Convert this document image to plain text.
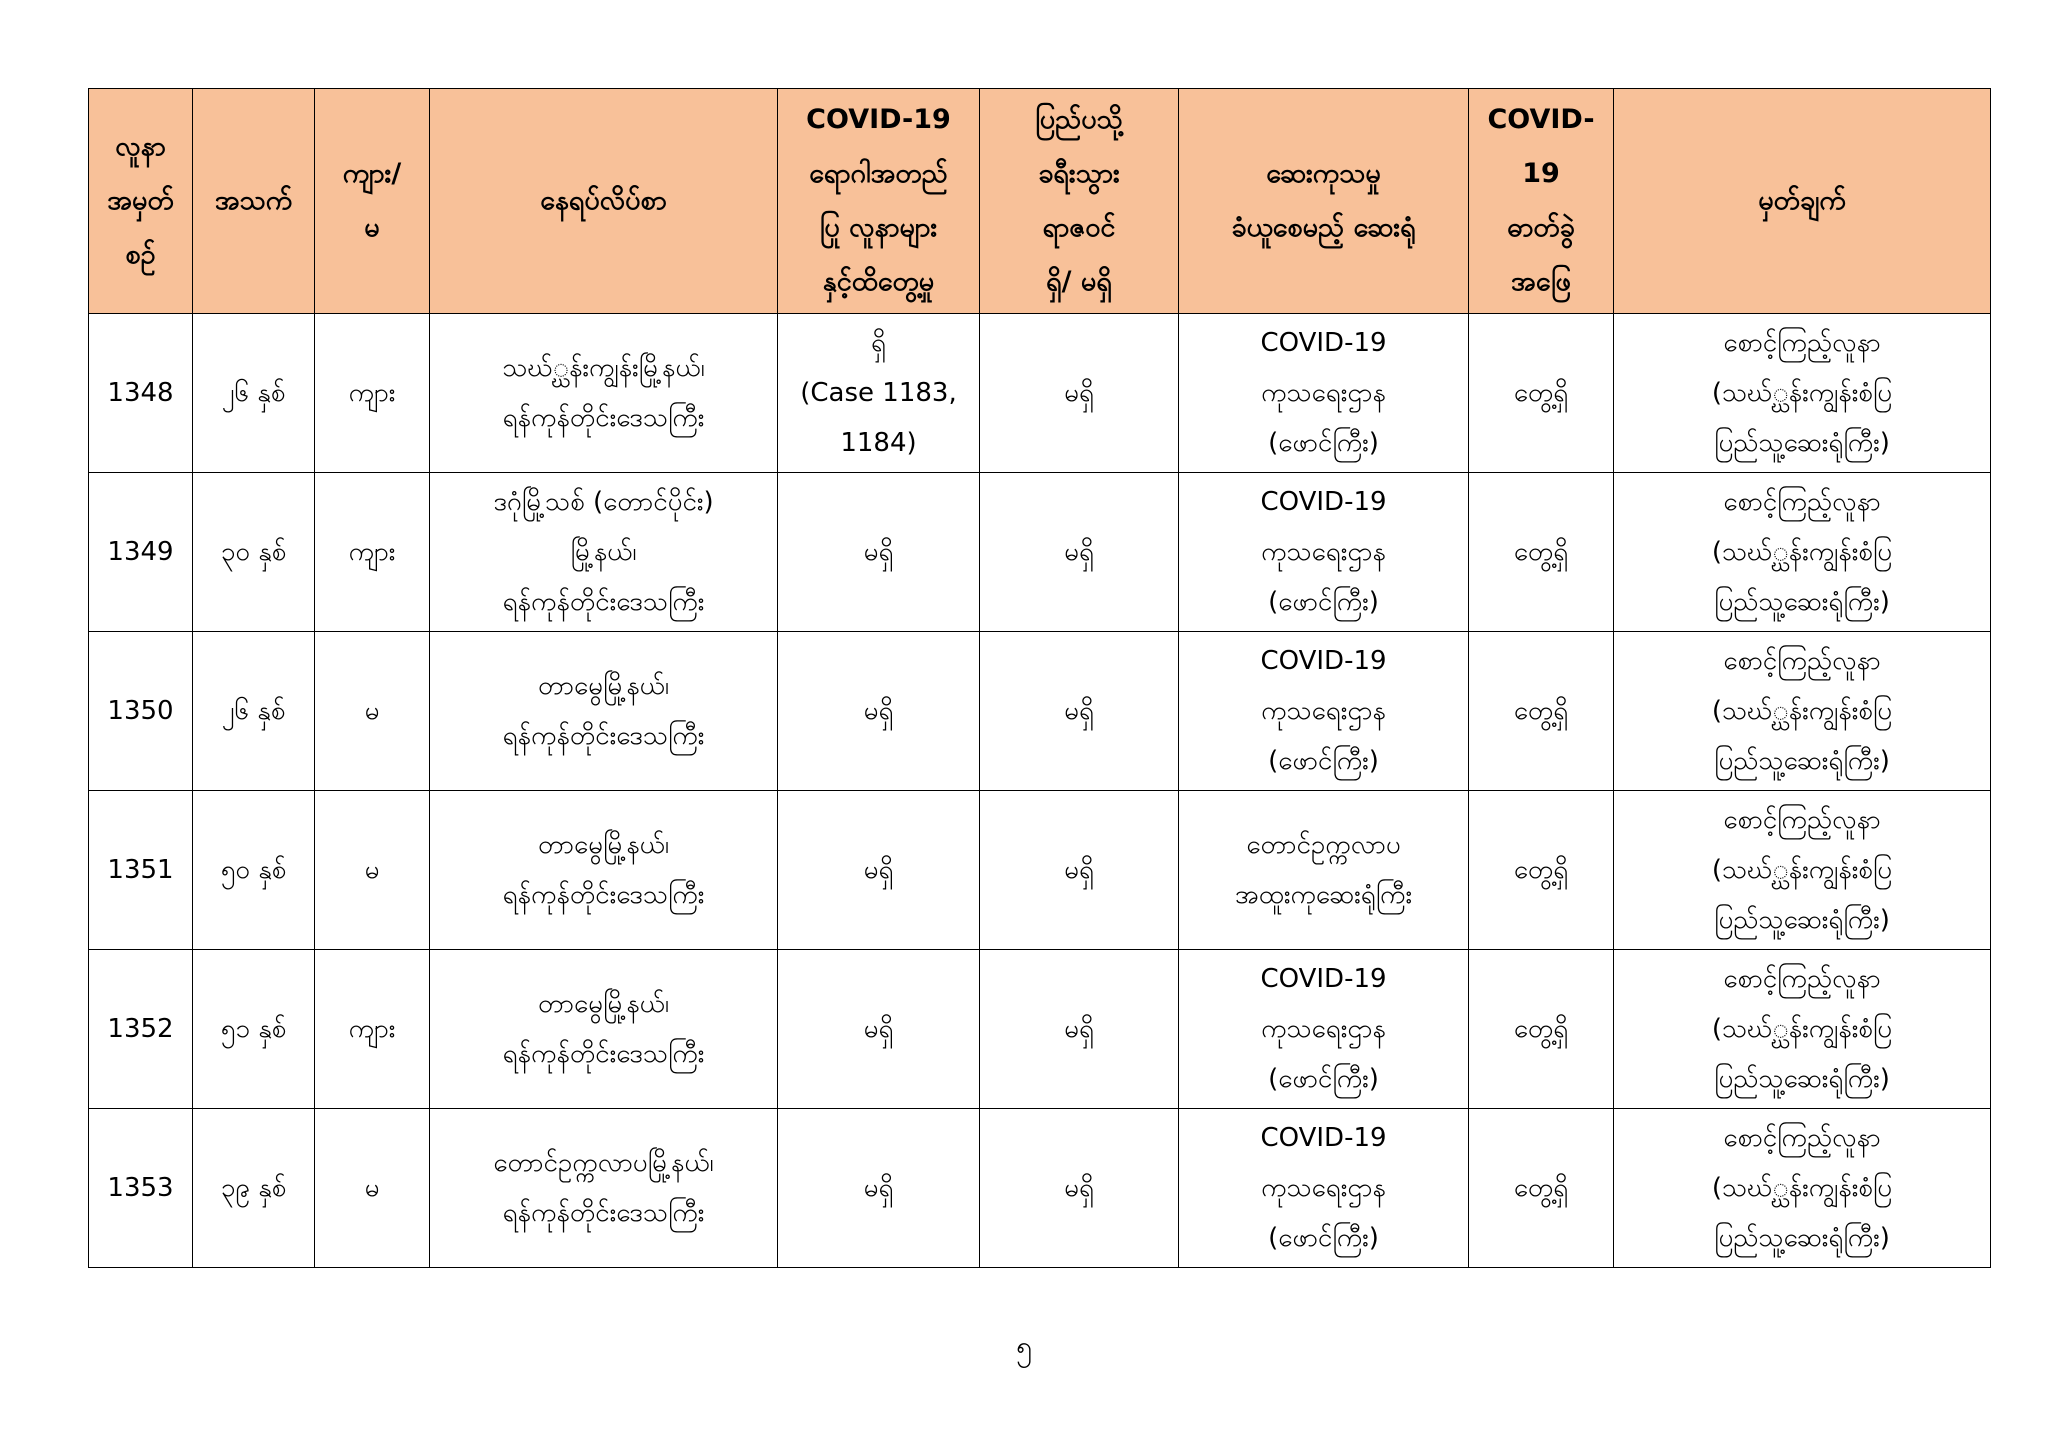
လူနာ
အမှတ်
စဉ်	အသက်	ကျား/
မ	နေရပ်လိပ်စာ	COVID-19
ရောဂါအတည်
ပြု လူနာများ
နှင့်ထိတွေ့မှု	ပြည်ပသို့
ခရီးသွား
ရာဇဝင်
ရှိ/ မရှိ	ဆေးကုသမှု
ခံယူစေမည့် ဆေးရုံ	COVID-
19
ဓာတ်ခွဲ
အဖြေ	မှတ်ချက်

1348	၂၆ နှစ်	ကျား	သဃ်္ဃန်းကျွန်းမြို့နယ်၊
ရန်ကုန်တိုင်းဒေသကြီး	ရှိ
(Case 1183,
1184)	မရှိ	COVID-19
ကုသရေးဌာန
(ဖောင်ကြီး)	တွေ့ရှိ	စောင့်ကြည့်လူနာ
(သဃ်္ဃန်းကျွန်းစံပြ
ပြည်သူ့ဆေးရုံကြီး)

1349	၃၀ နှစ်	ကျား	ဒဂုံမြို့သစ် (တောင်ပိုင်း)
မြို့နယ်၊
ရန်ကုန်တိုင်းဒေသကြီး	မရှိ	မရှိ	COVID-19
ကုသရေးဌာန
(ဖောင်ကြီး)	တွေ့ရှိ	စောင့်ကြည့်လူနာ
(သဃ်္ဃန်းကျွန်းစံပြ
ပြည်သူ့ဆေးရုံကြီး)

1350	၂၆ နှစ်	မ	တာမွေမြို့နယ်၊
ရန်ကုန်တိုင်းဒေသကြီး	မရှိ	မရှိ	COVID-19
ကုသရေးဌာန
(ဖောင်ကြီး)	တွေ့ရှိ	စောင့်ကြည့်လူနာ
(သဃ်္ဃန်းကျွန်းစံပြ
ပြည်သူ့ဆေးရုံကြီး)

1351	၅၀ နှစ်	မ	တာမွေမြို့နယ်၊
ရန်ကုန်တိုင်းဒေသကြီး	မရှိ	မရှိ	တောင်ဥက္ကလာပ
အထူးကုဆေးရုံကြီး	တွေ့ရှိ	စောင့်ကြည့်လူနာ
(သဃ်္ဃန်းကျွန်းစံပြ
ပြည်သူ့ဆေးရုံကြီး)

1352	၅၁ နှစ်	ကျား	တာမွေမြို့နယ်၊
ရန်ကုန်တိုင်းဒေသကြီး	မရှိ	မရှိ	COVID-19
ကုသရေးဌာန
(ဖောင်ကြီး)	တွေ့ရှိ	စောင့်ကြည့်လူနာ
(သဃ်္ဃန်းကျွန်းစံပြ
ပြည်သူ့ဆေးရုံကြီး)

1353	၃၉ နှစ်	မ	တောင်ဥက္ကလာပမြို့နယ်၊
ရန်ကုန်တိုင်းဒေသကြီး	မရှိ	မရှိ	COVID-19
ကုသရေးဌာန
(ဖောင်ကြီး)	တွေ့ရှိ	စောင့်ကြည့်လူနာ
(သဃ်္ဃန်းကျွန်းစံပြ
ပြည်သူ့ဆေးရုံကြီး)
၅
